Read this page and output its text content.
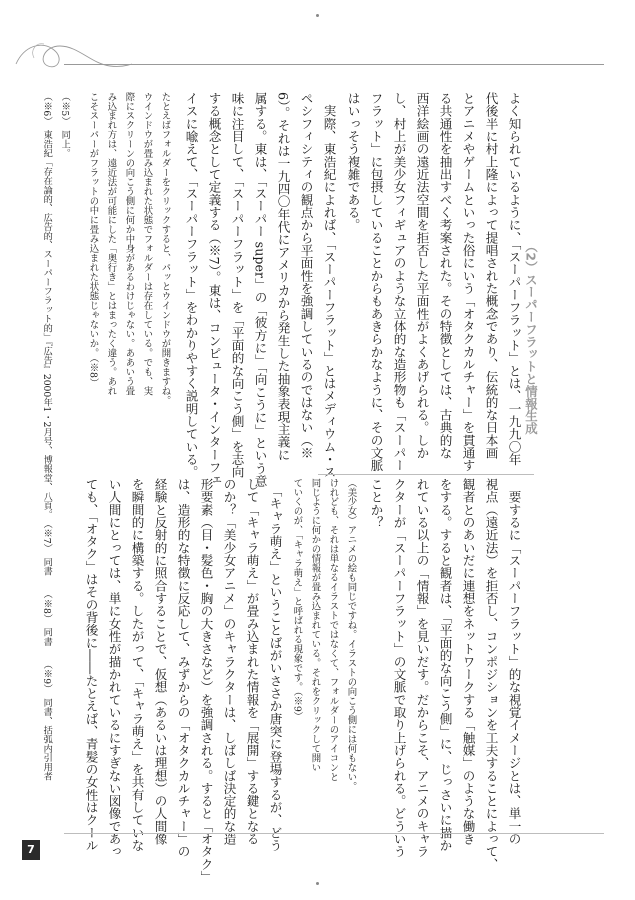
（2）スーパーフラットと情報生成
よく知られているように、「スーパーフラット」とは、一九九〇年
代後半に村上隆によって提唱された概念であり、伝統的な日本画
とアニメやゲームといった俗にいう「オタクカルチャー」を貫通す
る共通性を抽出すべく考案された。その特徴としては、古典的な
西洋絵画の遠近法空間を拒否した平面性がよくあげられる。しか
し、村上が美少女フィギュアのような立体的な造形物も「スーパー
フラット」に包摂していることからもあきらかなように、その文脈
はいっそう複雑である。
　実際、東浩紀によれば、「スーパーフラット」とはメディウム・ス
ペシフィシティの観点から平面性を強調しているのではない（※
6）。それは一九四〇年代にアメリカから発生した抽象表現主義に
属する。東は、「スーパー super」の「彼方に」「向こうに」という意
味に注目して、「スーパーフラット」を「平面的な向こう側」を志向
する概念として定義する（※7）。東は、コンピュータ・インターフェ
イスに喩えて、「スーパーフラット」をわかりやすく説明している。
たとえばフォルダーをクリックすると、パッとウインドウが開きますね。
ウインドウが畳み込まれた状態でフォルダーは存在している。でも、実
際にスクリーンの向こう側に何か中身があるわけじゃない。ああいう畳
み込まれ方は、遠近法が可能にした「奥行き」とはまったく違う。あれ
こそスーパーがフラットの中に畳み込まれた状態じゃないか。（※8）
（※5）　同上。
（※6）　東浩紀「存在論的、広告的、スーパーフラット的」『広告』2000年1・2月号、博報堂、八頁。　（※7）　同書　　（※8）　同書　　（※9）　同書、括弧内引用者	　要するに「スーパーフラット」的な視覚イメージとは、単一の
視点（遠近法）を拒否し、コンポジションを工夫することによって、
観者とのあいだに連想をネットワークする「触媒」のような働き
をする。すると観者は、「平面的な向こう側」に、じっさいに描か
れている以上の「情報」を見いだす。だからこそ、アニメのキャラ
クターが「スーパーフラット」の文脈で取り上げられる。どういう
ことか？
（美少女）アニメの絵も同じですね。イラストの向こう側には何もない。
けれども、それは単なるイラストではなくて、フォルダーのアイコンと
同じように何かの情報が畳み込まれている。それをクリックして開い
ていくのが、「キャラ萌え」と呼ばれる現象です。（※9）
　「キャラ萌え」ということばがいささか唐突に登場するが、どう
して「キャラ萌え」が畳み込まれた情報を「展開」する鍵となる
のか？「美少女アニメ」のキャラクターは、しばしば決定的な造
形要素（目・髪色・胸の大きさなど）を強調される。すると「オタク」
は、造形的な特徴に反応して、みずからの「オタクカルチャー」の
経験と反射的に照合することで、仮想（あるいは理想）の人間像
を瞬間的に構築する。したがって、「キャラ萌え」を共有していな
い人間にとっては、単に女性が描かれているにすぎない図像であっ
ても、「オタク」はその背後に――たとえば、青髪の女性はクール
7
